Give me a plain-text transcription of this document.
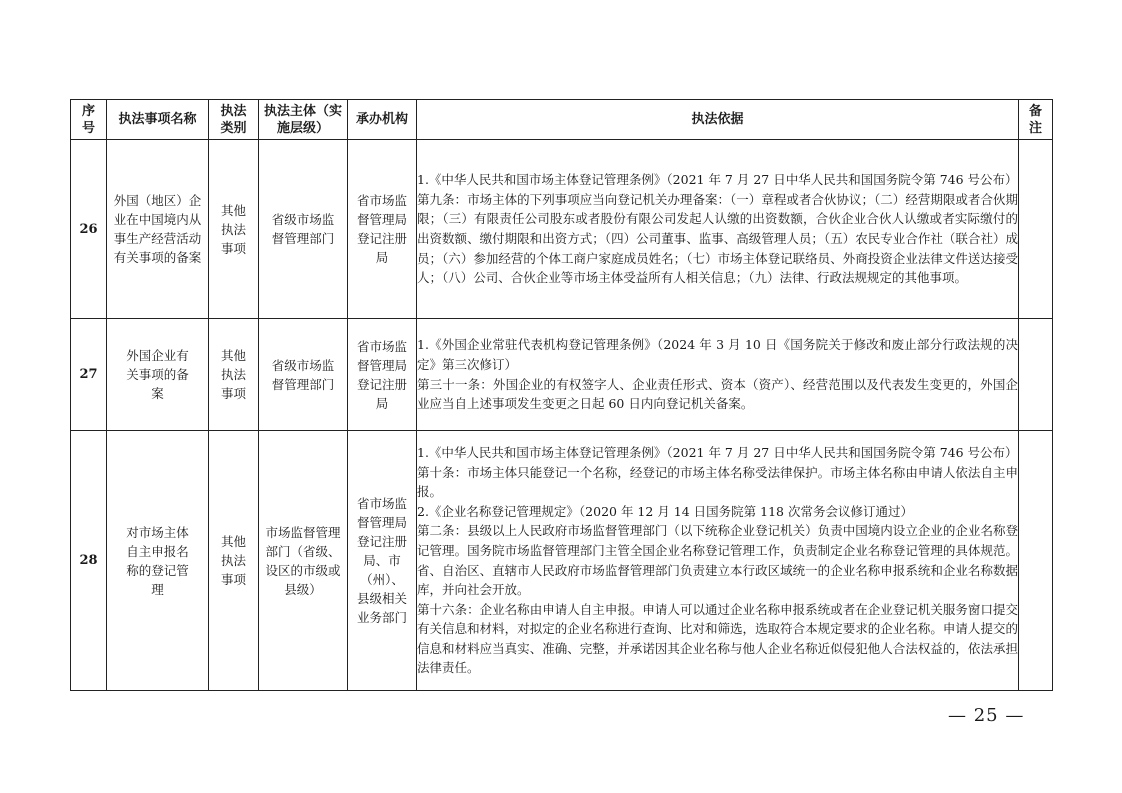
序号	执法事项名称	执法类别	执法主体（实施层级）	承办机构	执法依据	备注
26	外国（地区）企业在中国境内从事生产经营活动有关事项的备案	其他执法事项	省级市场监督管理部门	省市场监督管理局登记注册局	1.《中华人民共和国市场主体登记管理条例》（2021 年 7 月 27 日中华人民共和国国务院令第 746 号公布）

第九条：市场主体的下列事项应当向登记机关办理备案：（一）章程或者合伙协议；（二）经营期限或者合伙期限；（三）有限责任公司股东或者股份有限公司发起人认缴的出资数额，合伙企业合伙人认缴或者实际缴付的出资数额、缴付期限和出资方式；（四）公司董事、监事、高级管理人员；（五）农民专业合作社（联合社）成员；（六）参加经营的个体工商户家庭成员姓名；（七）市场主体登记联络员、外商投资企业法律文件送达接受人；（八）公司、合伙企业等市场主体受益所有人相关信息；（九）法律、行政法规规定的其他事项。	

27	外国企业有关事项的备案	其他执法事项	省级市场监督管理部门	省市场监督管理局登记注册局	1.《外国企业常驻代表机构登记管理条例》（2024 年 3 月 10 日《国务院关于修改和废止部分行政法规的决定》第三次修订）

第三十一条：外国企业的有权签字人、企业责任形式、资本（资产）、经营范围以及代表发生变更的，外国企业应当自上述事项发生变更之日起 60 日内向登记机关备案。	

28	对市场主体自主申报名称的登记管理	其他执法事项	市场监督管理部门（省级、设区的市级或县级）	省市场监督管理局登记注册局、市（州）、县级相关业务部门	1.《中华人民共和国市场主体登记管理条例》（2021 年 7 月 27 日中华人民共和国国务院令第 746 号公布）

第十条：市场主体只能登记一个名称，经登记的市场主体名称受法律保护。市场主体名称由申请人依法自主申报。

2.《企业名称登记管理规定》（2020 年 12 月 14 日国务院第 118 次常务会议修订通过）

第二条：县级以上人民政府市场监督管理部门（以下统称企业登记机关）负责中国境内设立企业的企业名称登记管理。国务院市场监督管理部门主管全国企业名称登记管理工作，负责制定企业名称登记管理的具体规范。省、自治区、直辖市人民政府市场监督管理部门负责建立本行政区域统一的企业名称申报系统和企业名称数据库，并向社会开放。

第十六条：企业名称由申请人自主申报。申请人可以通过企业名称申报系统或者在企业登记机关服务窗口提交有关信息和材料，对拟定的企业名称进行查询、比对和筛选，选取符合本规定要求的企业名称。申请人提交的信息和材料应当真实、准确、完整，并承诺因其企业名称与他人企业名称近似侵犯他人合法权益的，依法承担法律责任。	

— 25 —
